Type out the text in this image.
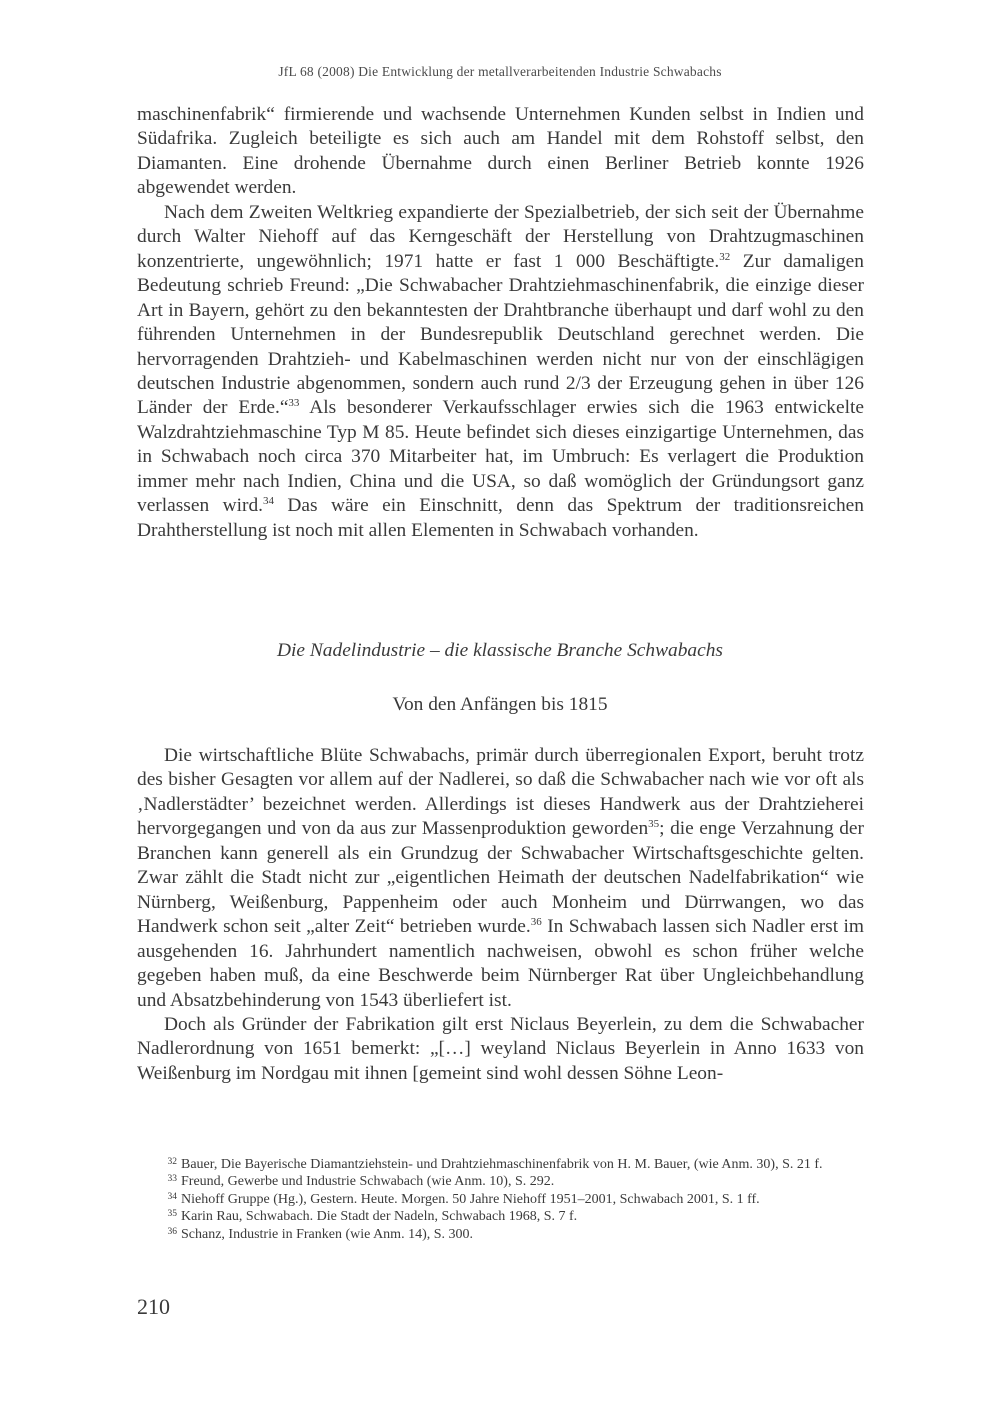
JfL 68 (2008) Die Entwicklung der metallverarbeitenden Industrie Schwabachs

maschinenfabrik“ firmierende und wachsende Unternehmen Kunden selbst in Indien und Südafrika. Zugleich beteiligte es sich auch am Handel mit dem Rohstoff selbst, den Diamanten. Eine drohende Übernahme durch einen Berliner Betrieb konnte 1926 abgewendet werden.

Nach dem Zweiten Weltkrieg expandierte der Spezialbetrieb, der sich seit der Übernahme durch Walter Niehoff auf das Kerngeschäft der Herstellung von Drahtzugmaschinen konzentrierte, ungewöhnlich; 1971 hatte er fast 1 000 Beschäftigte.$^{32}$ Zur damaligen Bedeutung schrieb Freund: „Die Schwabacher Drahtziehmaschinenfabrik, die einzige dieser Art in Bayern, gehört zu den bekanntesten der Drahtbranche überhaupt und darf wohl zu den führenden Unternehmen in der Bundesrepublik Deutschland gerechnet werden. Die hervorragenden Drahtzieh- und Kabelmaschinen werden nicht nur von der einschlägigen deutschen Industrie abgenommen, sondern auch rund 2/3 der Erzeugung gehen in über 126 Länder der Erde.“$^{33}$ Als besonderer Verkaufsschlager erwies sich die 1963 entwickelte Walzdrahtziehmaschine Typ M 85. Heute befindet sich dieses einzigartige Unternehmen, das in Schwabach noch circa 370 Mitarbeiter hat, im Umbruch: Es verlagert die Produktion immer mehr nach Indien, China und die USA, so daß womöglich der Gründungsort ganz verlassen wird.$^{34}$ Das wäre ein Einschnitt, denn das Spektrum der traditionsreichen Drahtherstellung ist noch mit allen Elementen in Schwabach vorhanden.

Die Nadelindustrie – die klassische Branche Schwabachs
Von den Anfängen bis 1815

Die wirtschaftliche Blüte Schwabachs, primär durch überregionalen Export, beruht trotz des bisher Gesagten vor allem auf der Nadlerei, so daß die Schwabacher nach wie vor oft als ‚Nadlerstädter’ bezeichnet werden. Allerdings ist dieses Handwerk aus der Drahtzieherei hervorgegangen und von da aus zur Massenproduktion geworden$^{35}$; die enge Verzahnung der Branchen kann generell als ein Grundzug der Schwabacher Wirtschaftsgeschichte gelten. Zwar zählt die Stadt nicht zur „eigentlichen Heimath der deutschen Nadelfabrikation“ wie Nürnberg, Weißenburg, Pappenheim oder auch Monheim und Dürrwangen, wo das Handwerk schon seit „alter Zeit“ betrieben wurde.$^{36}$ In Schwabach lassen sich Nadler erst im ausgehenden 16. Jahrhundert namentlich nachweisen, obwohl es schon früher welche gegeben haben muß, da eine Beschwerde beim Nürnberger Rat über Ungleichbehandlung und Absatzbehinderung von 1543 überliefert ist.

Doch als Gründer der Fabrikation gilt erst Niclaus Beyerlein, zu dem die Schwabacher Nadlerordnung von 1651 bemerkt: „[…] weyland Niclaus Beyerlein in Anno 1633 von Weißenburg im Nordgau mit ihnen [gemeint sind wohl dessen Söhne Leon-

32 Bauer, Die Bayerische Diamantziehstein- und Drahtziehmaschinenfabrik von H. M. Bauer, (wie Anm. 30), S. 21 f.
33 Freund, Gewerbe und Industrie Schwabach (wie Anm. 10), S. 292.
34 Niehoff Gruppe (Hg.), Gestern. Heute. Morgen. 50 Jahre Niehoff 1951–2001, Schwabach 2001, S. 1 ff.
35 Karin Rau, Schwabach. Die Stadt der Nadeln, Schwabach 1968, S. 7 f.
36 Schanz, Industrie in Franken (wie Anm. 14), S. 300.
210
